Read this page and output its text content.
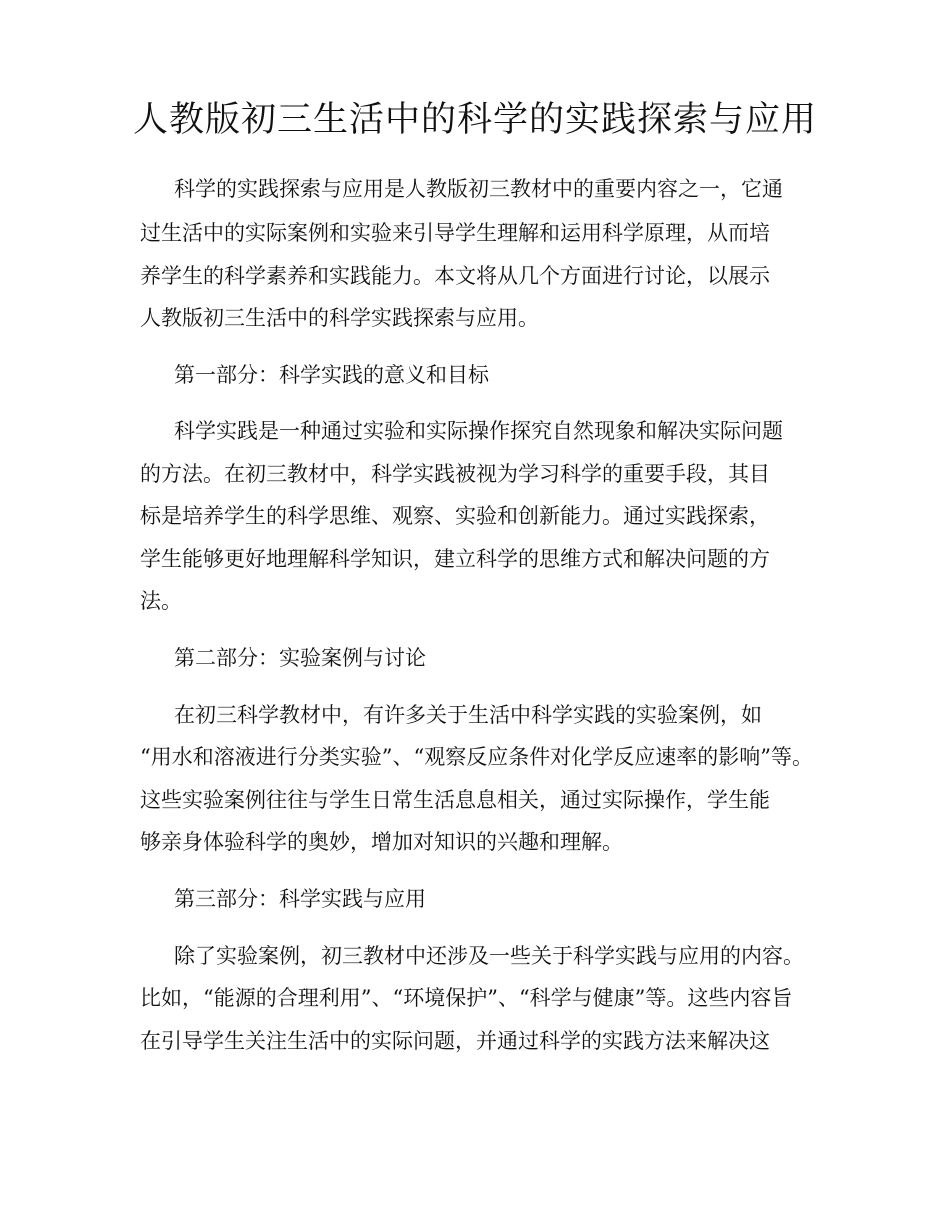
人教版初三生活中的科学的实践探索与应用

科学的实践探索与应用是人教版初三教材中的重要内容之一，它通

过生活中的实际案例和实验来引导学生理解和运用科学原理，从而培

养学生的科学素养和实践能力。本文将从几个方面进行讨论，以展示

人教版初三生活中的科学实践探索与应用。

第一部分：科学实践的意义和目标

科学实践是一种通过实验和实际操作探究自然现象和解决实际问题

的方法。在初三教材中，科学实践被视为学习科学的重要手段，其目

标是培养学生的科学思维、观察、实验和创新能力。通过实践探索，

学生能够更好地理解科学知识，建立科学的思维方式和解决问题的方

法。

第二部分：实验案例与讨论

在初三科学教材中，有许多关于生活中科学实践的实验案例，如

“用水和溶液进行分类实验”、“观察反应条件对化学反应速率的影响”等。

这些实验案例往往与学生日常生活息息相关，通过实际操作，学生能

够亲身体验科学的奥妙，增加对知识的兴趣和理解。

第三部分：科学实践与应用

除了实验案例，初三教材中还涉及一些关于科学实践与应用的内容。

比如，“能源的合理利用”、“环境保护”、“科学与健康”等。这些内容旨

在引导学生关注生活中的实际问题，并通过科学的实践方法来解决这
